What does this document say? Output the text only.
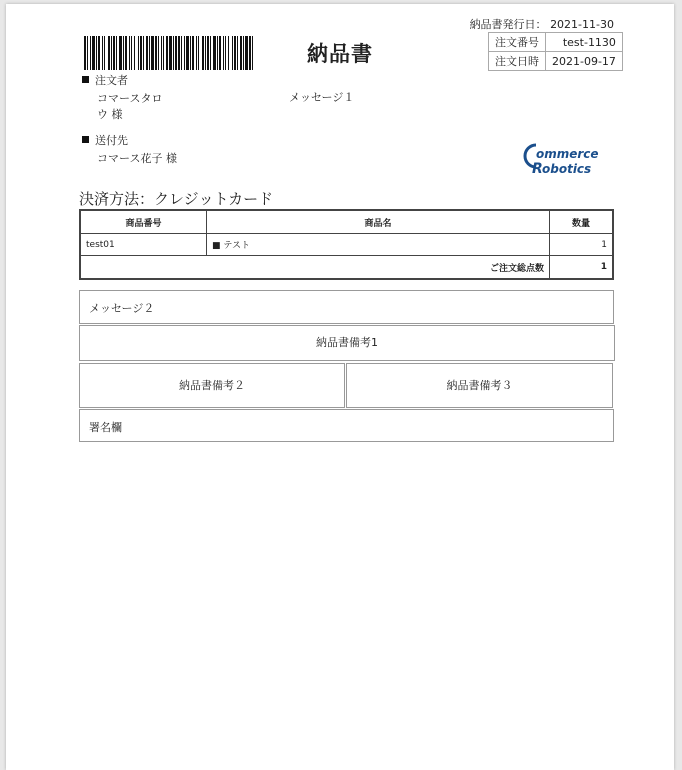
納品書
納品書発行日： 2021-11-30
注文番号	test-1130
注文日時	2021-09-17
注文者
コマースタロ
ウ 様
メッセージ１
送付先
コマース花子 様	ommerce
R obotics
決済方法：クレジットカード
商品番号	商品名	数量
test01	■ テスト	1
ご注文総点数		1
メッセージ２
納品書備考1
納品書備考２	納品書備考３
署名欄
